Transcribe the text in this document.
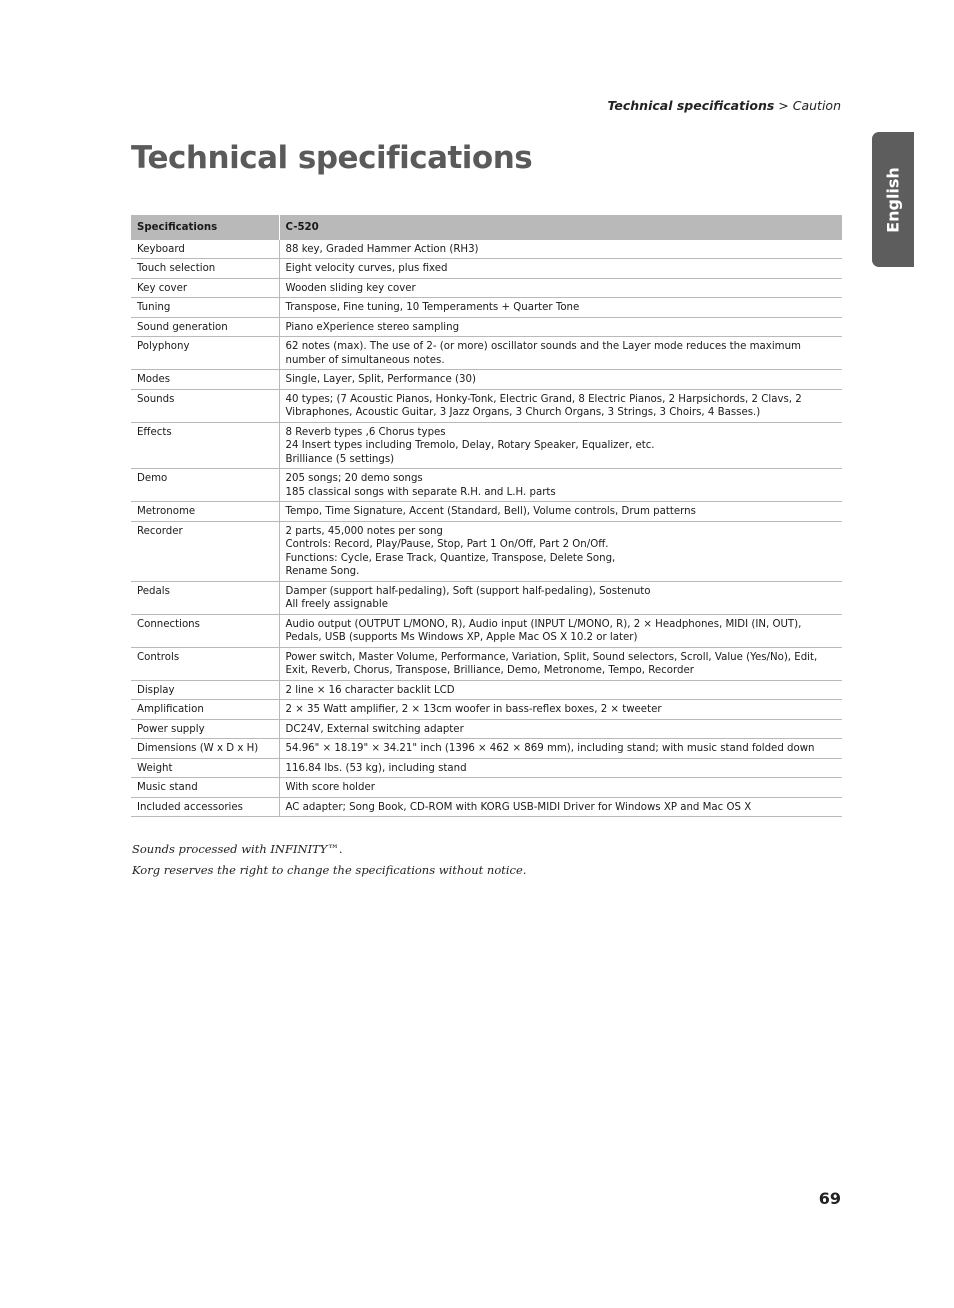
Technical specifications > Caution
Technical specifications
English
Specifications	C-520
Keyboard	88 key, Graded Hammer Action (RH3)

Touch selection	Eight velocity curves, plus fixed

Key cover	Wooden sliding key cover

Tuning	Transpose, Fine tuning, 10 Temperaments + Quarter Tone

Sound generation	Piano eXperience stereo sampling

Polyphony	62 notes (max). The use of 2- (or more) oscillator sounds and the Layer mode reduces the maximum number of simultaneous notes.

Modes	Single, Layer, Split, Performance (30)

Sounds	40 types; (7 Acoustic Pianos, Honky-Tonk, Electric Grand, 8 Electric Pianos, 2 Harpsichords, 2 Clavs, 2 Vibraphones, Acoustic Guitar, 3 Jazz Organs, 3 Church Organs, 3 Strings, 3 Choirs, 4 Basses.)

Effects	8 Reverb types ,6 Chorus types
24 Insert types including Tremolo, Delay, Rotary Speaker, Equalizer, etc.
Brilliance (5 settings)

Demo	205 songs; 20 demo songs
185 classical songs with separate R.H. and L.H. parts

Metronome	Tempo, Time Signature, Accent (Standard, Bell), Volume controls, Drum patterns

Recorder	2 parts, 45,000 notes per song
Controls: Record, Play/Pause, Stop, Part 1 On/Off, Part 2 On/Off.
Functions: Cycle, Erase Track, Quantize, Transpose, Delete Song,
Rename Song.

Pedals	Damper (support half-pedaling), Soft (support half-pedaling), Sostenuto
All freely assignable

Connections	Audio output (OUTPUT L/MONO, R), Audio input (INPUT L/MONO, R), 2 × Headphones, MIDI (IN, OUT), Pedals, USB (supports Ms Windows XP, Apple Mac OS X 10.2 or later)

Controls	Power switch, Master Volume, Performance, Variation, Split, Sound selectors, Scroll, Value (Yes/No), Edit, Exit, Reverb, Chorus, Transpose, Brilliance, Demo, Metronome, Tempo, Recorder

Display	2 line × 16 character backlit LCD

Amplification	2 × 35 Watt amplifier, 2 × 13cm woofer in bass-reflex boxes, 2 × tweeter

Power supply	DC24V, External switching adapter

Dimensions (W x D x H)	54.96" × 18.19" × 34.21" inch (1396 × 462 × 869 mm), including stand; with music stand folded down

Weight	116.84 lbs. (53 kg), including stand

Music stand	With score holder

Included accessories	AC adapter; Song Book, CD-ROM with KORG USB-MIDI Driver for Windows XP and Mac OS X

Sounds processed with INFINITY™.

Korg reserves the right to change the specifications without notice.

69
